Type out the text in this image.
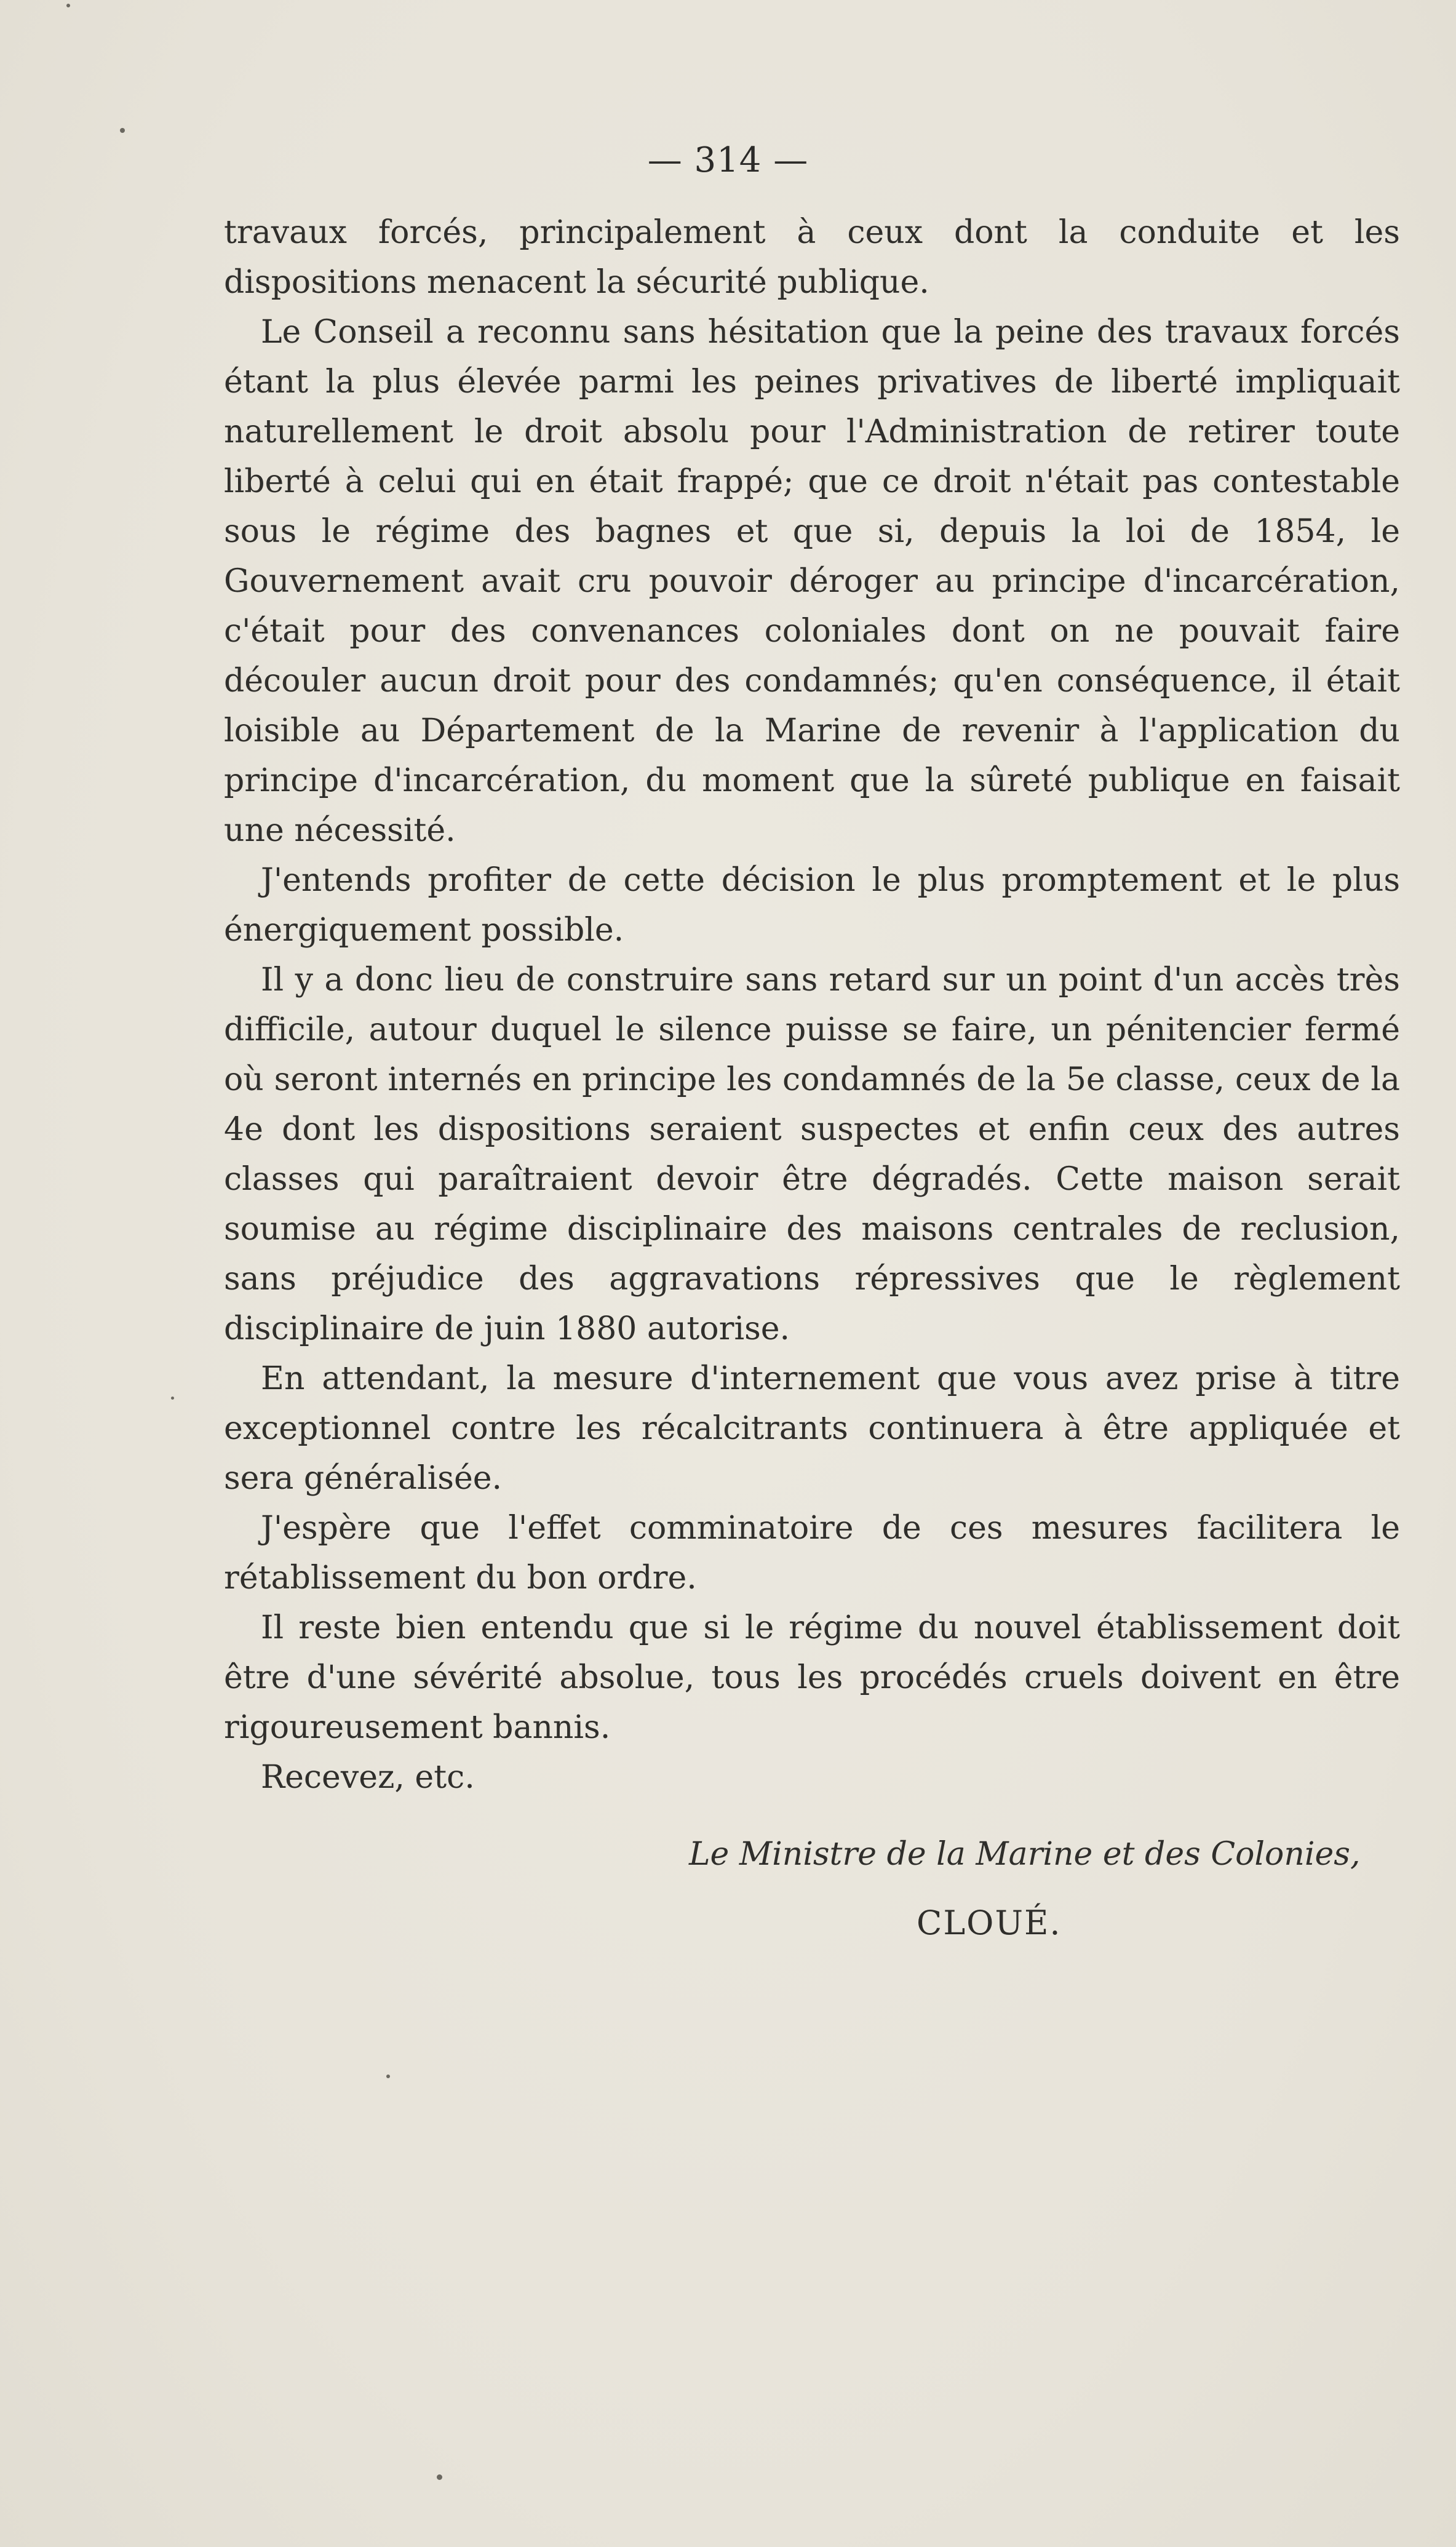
— 314 —

travaux forcés, principalement à ceux dont la conduite et les dispositions menacent la sécurité publique.

Le Conseil a reconnu sans hésitation que la peine des travaux forcés étant la plus élevée parmi les peines privatives de liberté impliquait naturellement le droit absolu pour l'Administration de retirer toute liberté à celui qui en était frappé; que ce droit n'était pas contestable sous le régime des bagnes et que si, depuis la loi de 1854, le Gouvernement avait cru pouvoir déroger au principe d'incarcération, c'était pour des convenances coloniales dont on ne pouvait faire découler aucun droit pour des condamnés; qu'en conséquence, il était loisible au Département de la Marine de revenir à l'application du principe d'incarcération, du moment que la sûreté publique en faisait une nécessité.

J'entends profiter de cette décision le plus promptement et le plus énergiquement possible.

Il y a donc lieu de construire sans retard sur un point d'un accès très difficile, autour duquel le silence puisse se faire, un pénitencier fermé où seront internés en principe les condamnés de la 5e classe, ceux de la 4e dont les dispositions seraient suspectes et enfin ceux des autres classes qui paraîtraient devoir être dégradés. Cette maison serait soumise au régime disciplinaire des maisons centrales de reclusion, sans préjudice des aggravations répressives que le règlement disciplinaire de juin 1880 autorise.

En attendant, la mesure d'internement que vous avez prise à titre exceptionnel contre les récalcitrants continuera à être appliquée et sera généralisée.

J'espère que l'effet comminatoire de ces mesures facilitera le rétablissement du bon ordre.

Il reste bien entendu que si le régime du nouvel établissement doit être d'une sévérité absolue, tous les procédés cruels doivent en être rigoureusement bannis.

Recevez, etc.

Le Ministre de la Marine et des Colonies,
CLOUÉ.
